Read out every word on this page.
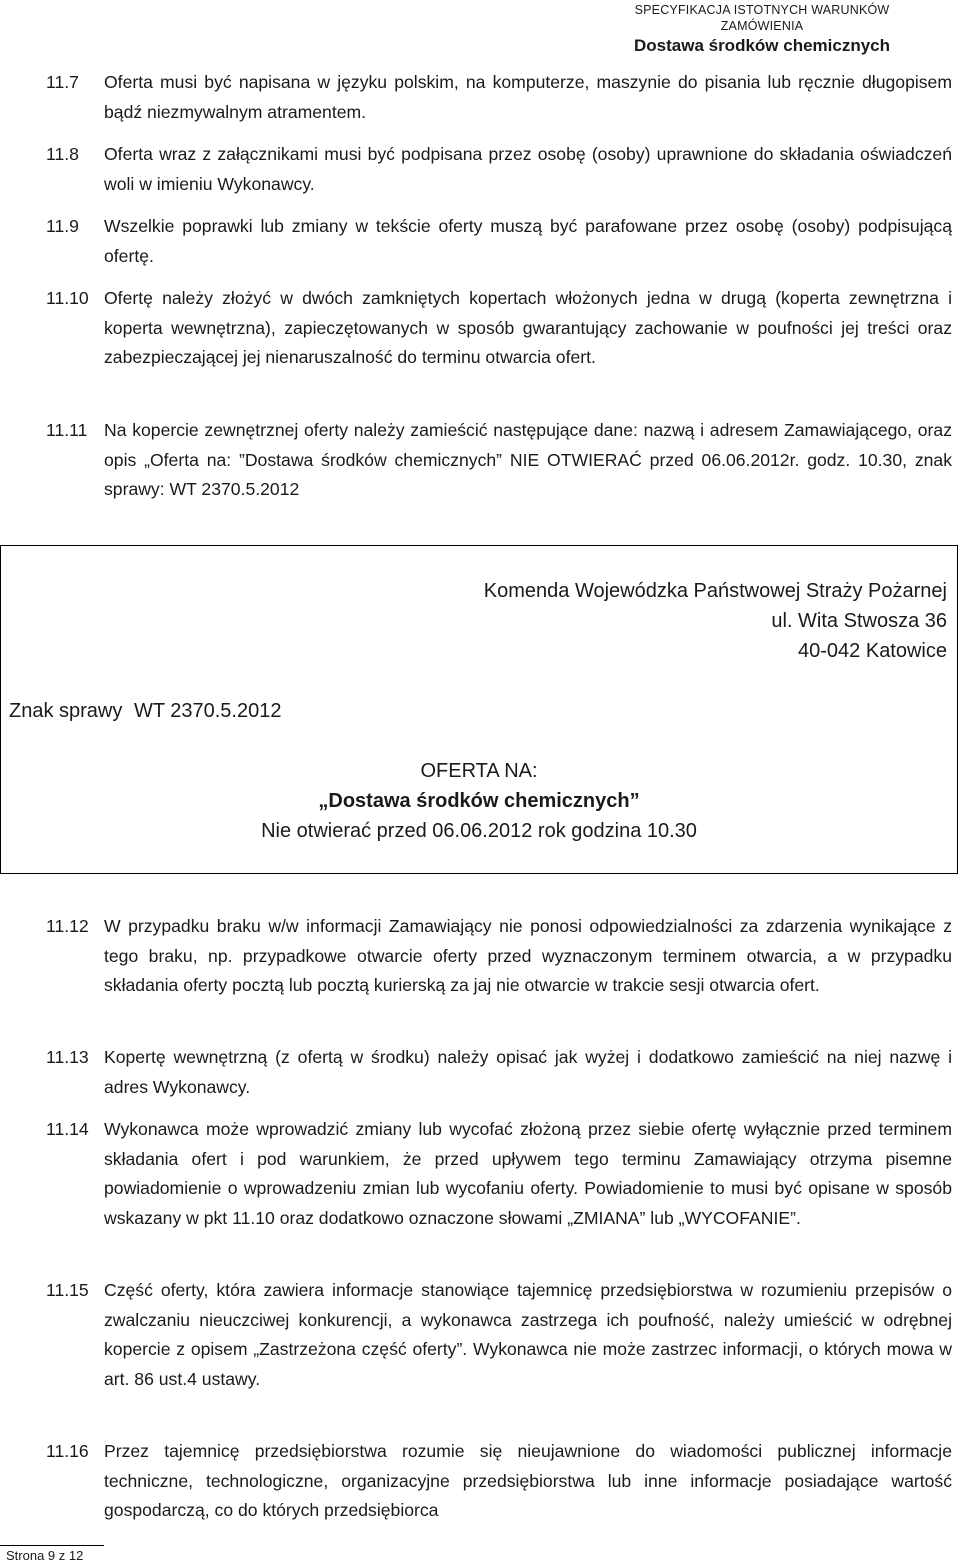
SPECYFIKACJA ISTOTNYCH WARUNKÓW ZAMÓWIENIA
Dostawa środków chemicznych
11.7 Oferta musi być napisana w języku polskim, na komputerze, maszynie do pisania lub ręcznie długopisem bądź niezmywalnym atramentem.
11.8 Oferta wraz z załącznikami musi być podpisana przez osobę (osoby) uprawnione do składania oświadczeń woli w imieniu Wykonawcy.
11.9 Wszelkie poprawki lub zmiany w tekście oferty muszą być parafowane przez osobę (osoby) podpisującą ofertę.
11.10 Ofertę należy złożyć w dwóch zamkniętych kopertach włożonych jedna w drugą (koperta zewnętrzna i koperta wewnętrzna), zapieczętowanych w sposób gwarantujący zachowanie w poufności jej treści oraz zabezpieczającej jej nienaruszalność do terminu otwarcia ofert.
11.11 Na kopercie zewnętrznej oferty należy zamieścić następujące dane: nazwą i adresem Zamawiającego, oraz opis „Oferta na: ”Dostawa środków chemicznych” NIE OTWIERAĆ przed 06.06.2012r. godz. 10.30, znak sprawy: WT 2370.5.2012
Komenda Wojewódzka Państwowej Straży Pożarnej
ul. Wita Stwosza 36
40-042 Katowice
Znak sprawy WT 2370.5.2012
OFERTA NA:
„Dostawa środków chemicznych”
Nie otwierać przed 06.06.2012 rok godzina 10.30
11.12 W przypadku braku w/w informacji Zamawiający nie ponosi odpowiedzialności za zdarzenia wynikające z tego braku, np. przypadkowe otwarcie oferty przed wyznaczonym terminem otwarcia, a w przypadku składania oferty pocztą lub pocztą kurierską za jaj nie otwarcie w trakcie sesji otwarcia ofert.
11.13 Kopertę wewnętrzną (z ofertą w środku) należy opisać jak wyżej i dodatkowo zamieścić na niej nazwę i adres Wykonawcy.
11.14 Wykonawca może wprowadzić zmiany lub wycofać złożoną przez siebie ofertę wyłącznie przed terminem składania ofert i pod warunkiem, że przed upływem tego terminu Zamawiający otrzyma pisemne powiadomienie o wprowadzeniu zmian lub wycofaniu oferty. Powiadomienie to musi być opisane w sposób wskazany w pkt 11.10 oraz dodatkowo oznaczone słowami „ZMIANA” lub „WYCOFANIE”.
11.15 Część oferty, która zawiera informacje stanowiące tajemnicę przedsiębiorstwa w rozumieniu przepisów o zwalczaniu nieuczciwej konkurencji, a wykonawca zastrzega ich poufność, należy umieścić w odrębnej kopercie z opisem „Zastrzeżona część oferty”. Wykonawca nie może zastrzec informacji, o których mowa w art. 86 ust.4 ustawy.
11.16 Przez tajemnicę przedsiębiorstwa rozumie się nieujawnione do wiadomości publicznej informacje techniczne, technologiczne, organizacyjne przedsiębiorstwa lub inne informacje posiadające wartość gospodarczą, co do których przedsiębiorca
Strona 9 z 12
